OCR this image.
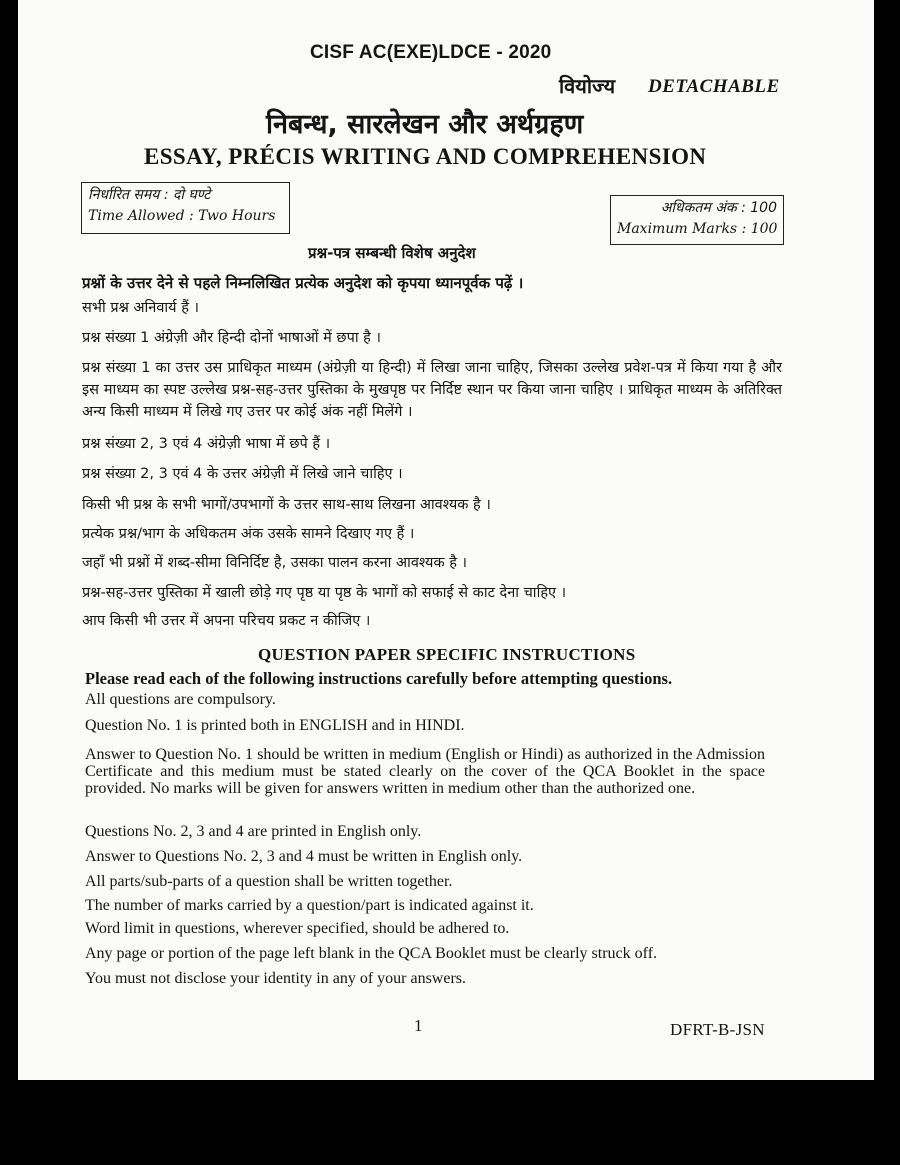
CISF AC(EXE)LDCE - 2020
वियोज्य DETACHABLE
निबन्ध, सारलेखन और अर्थग्रहण
ESSAY, PRÉCIS WRITING AND COMPREHENSION
निर्धारित समय : दो घण्टे
Time Allowed : Two Hours	अधिकतम अंक : 100
Maximum Marks : 100
प्रश्न-पत्र सम्बन्धी विशेष अनुदेश
प्रश्नों के उत्तर देने से पहले निम्नलिखित प्रत्येक अनुदेश को कृपया ध्यानपूर्वक पढ़ें ।
सभी प्रश्न अनिवार्य हैं ।
प्रश्न संख्या 1 अंग्रेज़ी और हिन्दी दोनों भाषाओं में छपा है ।
प्रश्न संख्या 1 का उत्तर उस प्राधिकृत माध्यम (अंग्रेज़ी या हिन्दी) में लिखा जाना चाहिए, जिसका उल्लेख प्रवेश-पत्र में किया गया है और इस माध्यम का स्पष्ट उल्लेख प्रश्न-सह-उत्तर पुस्तिका के मुखपृष्ठ पर निर्दिष्ट स्थान पर किया जाना चाहिए । प्राधिकृत माध्यम के अतिरिक्त अन्य किसी माध्यम में लिखे गए उत्तर पर कोई अंक नहीं मिलेंगे ।
प्रश्न संख्या 2, 3 एवं 4 अंग्रेज़ी भाषा में छपे हैं ।
प्रश्न संख्या 2, 3 एवं 4 के उत्तर अंग्रेज़ी में लिखे जाने चाहिए ।
किसी भी प्रश्न के सभी भागों/उपभागों के उत्तर साथ-साथ लिखना आवश्यक है ।
प्रत्येक प्रश्न/भाग के अधिकतम अंक उसके सामने दिखाए गए हैं ।
जहाँ भी प्रश्नों में शब्द-सीमा विनिर्दिष्ट है, उसका पालन करना आवश्यक है ।
प्रश्न-सह-उत्तर पुस्तिका में खाली छोड़े गए पृष्ठ या पृष्ठ के भागों को सफाई से काट देना चाहिए ।
आप किसी भी उत्तर में अपना परिचय प्रकट न कीजिए ।
QUESTION PAPER SPECIFIC INSTRUCTIONS
Please read each of the following instructions carefully before attempting questions.
All questions are compulsory.
Question No. 1 is printed both in ENGLISH and in HINDI.
Answer to Question No. 1 should be written in medium (English or Hindi) as authorized in the Admission Certificate and this medium must be stated clearly on the cover of the QCA Booklet in the space provided. No marks will be given for answers written in medium other than the authorized one.
Questions No. 2, 3 and 4 are printed in English only.
Answer to Questions No. 2, 3 and 4 must be written in English only.
All parts/sub-parts of a question shall be written together.
The number of marks carried by a question/part is indicated against it.
Word limit in questions, wherever specified, should be adhered to.
Any page or portion of the page left blank in the QCA Booklet must be clearly struck off.
You must not disclose your identity in any of your answers.
1	DFRT-B-JSN
